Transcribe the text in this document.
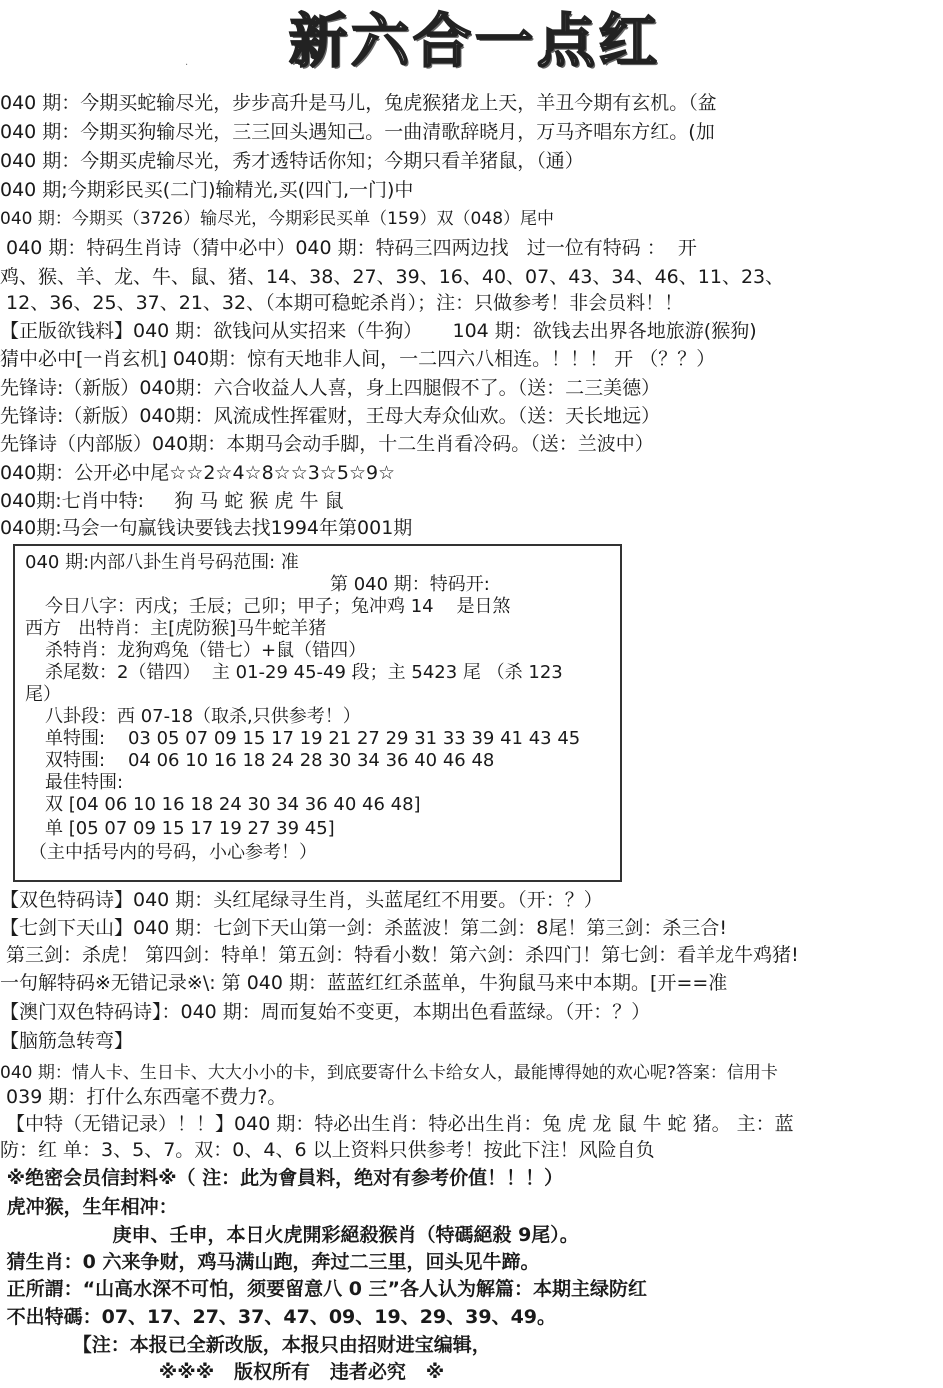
新六合一点红
.
040 期：今期买蛇输尽光，步步高升是马儿，兔虎猴猪龙上天，羊丑今期有玄机。（盆
040 期：今期买狗输尽光，三三回头遇知己。一曲清歌辞晓月，万马齐唱东方红。(加
040 期：今期买虎输尽光，秀才透特话你知；今期只看羊猪鼠，（通）
040 期;今期彩民买(二门)输精光,买(四门,一门)中
040 期：今期买（3726）输尽光，今期彩民买单（159）双（048）尾中
040 期：特码生肖诗（猜中必中）040 期：特码三四两边找   过一位有特码 ：  开
鸡、猴、羊、龙、牛、鼠、猪、14、38、27、39、16、40、07、43、34、46、11、23、
12、36、25、37、21、32、（本期可稳蛇杀肖）；注：只做参考！非会员料！！
【正版欲钱料】040 期：欲钱问从实招来（牛狗）     104 期：欲钱去出界各地旅游(猴狗)
猜中必中[一肖玄机] 040期：惊有天地非人间，一二四六八相连。！！！ 开 （？？）
先锋诗:（新版）040期：六合收益人人喜，身上四腿假不了。（送：二三美德）
先锋诗:（新版）040期：风流成性挥霍财，王母大寿众仙欢。（送：天长地远）
先锋诗（内部版）040期：本期马会动手脚，十二生肖看冷码。（送：兰波中）
040期：公开必中尾☆☆2☆4☆8☆☆3☆5☆9☆
040期:七肖中特:     狗 马 蛇 猴 虎 牛 鼠
040期:马会一句赢钱诀要钱去找1994年第001期
040 期:内部八卦生肖号码范围: 准
第 040 期：特码开:
今日八字：丙戌；壬辰；己卯；甲子；兔冲鸡 14    是日煞
西方   出特肖：主[虎防猴]马牛蛇羊猪
杀特肖：龙狗鸡兔（错七）+鼠（错四）
杀尾数：2（错四）  主 01-29 45-49 段；主 5423 尾 （杀 123
尾）
八卦段：西 07-18（取杀,只供参考！）
单特围:    03 05 07 09 15 17 19 21 27 29 31 33 39 41 43 45
双特围:    04 06 10 16 18 24 28 30 34 36 40 46 48
最佳特围:
双 [04 06 10 16 18 24 30 34 36 40 46 48]
单 [05 07 09 15 17 19 27 39 45]
（主中括号内的号码，小心参考！）
【双色特码诗】040 期：头红尾绿寻生肖，头蓝尾红不用要。（开：？）
【七剑下天山】040 期：七剑下天山第一剑：杀蓝波！第二剑：8尾！第三剑：杀三合!
第三剑：杀虎！ 第四剑：特单！第五剑：特看小数！第六剑：杀四门！第七剑：看羊龙牛鸡猪!
一句解特码※无错记录※\: 第 040 期：蓝蓝红红杀蓝单，牛狗鼠马来中本期。[开==准
【澳门双色特码诗】：040 期：周而复始不变更，本期出色看蓝绿。（开：？）
【脑筋急转弯】
040 期：情人卡、生日卡、大大小小的卡，到底要寄什么卡给女人，最能博得她的欢心呢?答案：信用卡
039 期：打什么东西毫不费力?。
【中特（无错记录）！！】040 期：特必出生肖：特必出生肖：兔 虎 龙 鼠 牛 蛇 猪。 主：蓝
防：红 单：3、5、7。双：0、4、6 以上资料只供参考！按此下注！风险自负
※绝密会员信封料※（ 注：此为會員料，绝对有参考价值！！！）
虎冲猴，生年相冲：
庚申、壬申，本日火虎開彩絕殺猴肖（特碼絕殺 9尾）。
猜生肖：0 六来争财，鸡马满山跑，奔过二三里，回头见牛蹄。
正所謂：“山高水深不可怕，须要留意八 0 三”各人认为解篇：本期主绿防红
不出特碼：07、17、27、37、47、09、19、29、39、49。
【注：本报已全新改版，本报只由招财进宝编辑，
※※※   版权所有   违者必究   ※
